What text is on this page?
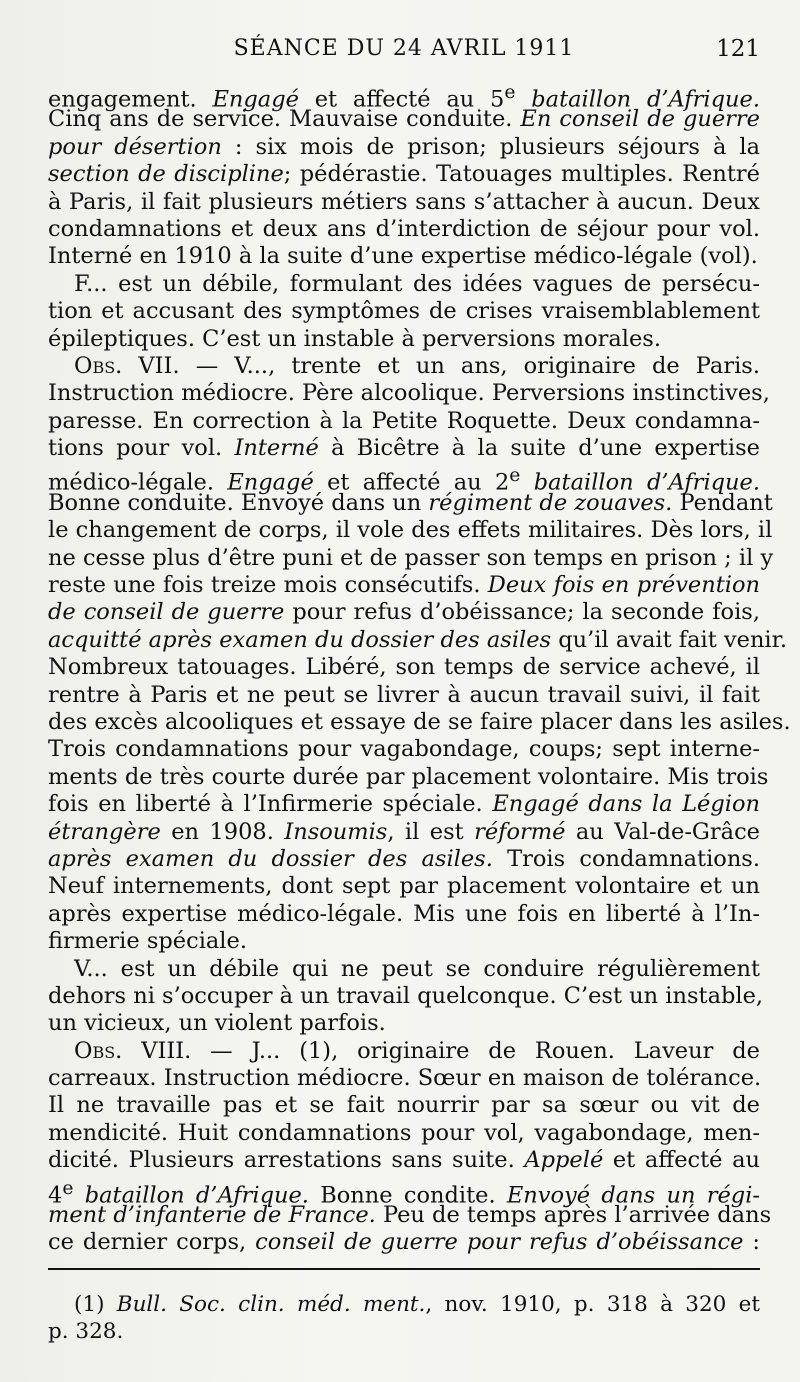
SÉANCE DU 24 AVRIL 1911	121
engagement. Engagé et affecté au 5e bataillon d’Afrique.
Cinq ans de service. Mauvaise conduite. En conseil de guerre
pour désertion : six mois de prison; plusieurs séjours à la
section de discipline; pédérastie. Tatouages multiples. Rentré
à Paris, il fait plusieurs métiers sans s’attacher à aucun. Deux
condamnations et deux ans d’interdiction de séjour pour vol.
Interné en 1910 à la suite d’une expertise médico-légale (vol).
F... est un débile, formulant des idées vagues de persécu-
tion et accusant des symptômes de crises vraisemblablement
épileptiques. C’est un instable à perversions morales.
Obs. VII. — V..., trente et un ans, originaire de Paris.
Instruction médiocre. Père alcoolique. Perversions instinctives,
paresse. En correction à la Petite Roquette. Deux condamna-
tions pour vol. Interné à Bicêtre à la suite d’une expertise
médico-légale. Engagé et affecté au 2e bataillon d’Afrique.
Bonne conduite. Envoyé dans un régiment de zouaves. Pendant
le changement de corps, il vole des effets militaires. Dès lors, il
ne cesse plus d’être puni et de passer son temps en prison ; il y
reste une fois treize mois consécutifs. Deux fois en prévention
de conseil de guerre pour refus d’obéissance; la seconde fois,
acquitté après examen du dossier des asiles qu’il avait fait venir.
Nombreux tatouages. Libéré, son temps de service achevé, il
rentre à Paris et ne peut se livrer à aucun travail suivi, il fait
des excès alcooliques et essaye de se faire placer dans les asiles.
Trois condamnations pour vagabondage, coups; sept interne-
ments de très courte durée par placement volontaire. Mis trois
fois en liberté à l’Infirmerie spéciale. Engagé dans la Légion
étrangère en 1908. Insoumis, il est réformé au Val-de-Grâce
après examen du dossier des asiles. Trois condamnations.
Neuf internements, dont sept par placement volontaire et un
après expertise médico-légale. Mis une fois en liberté à l’In-
firmerie spéciale.
V... est un débile qui ne peut se conduire régulièrement
dehors ni s’occuper à un travail quelconque. C’est un instable,
un vicieux, un violent parfois.
Obs. VIII. — J... (1), originaire de Rouen. Laveur de
carreaux. Instruction médiocre. Sœur en maison de tolérance.
Il ne travaille pas et se fait nourrir par sa sœur ou vit de
mendicité. Huit condamnations pour vol, vagabondage, men-
dicité. Plusieurs arrestations sans suite. Appelé et affecté au
4e bataillon d’Afrique. Bonne condite. Envoyé dans un régi-
ment d’infanterie de France. Peu de temps après l’arrivée dans
ce dernier corps, conseil de guerre pour refus d’obéissance :
(1) Bull. Soc. clin. méd. ment., nov. 1910, p. 318 à 320 et
p. 328.
